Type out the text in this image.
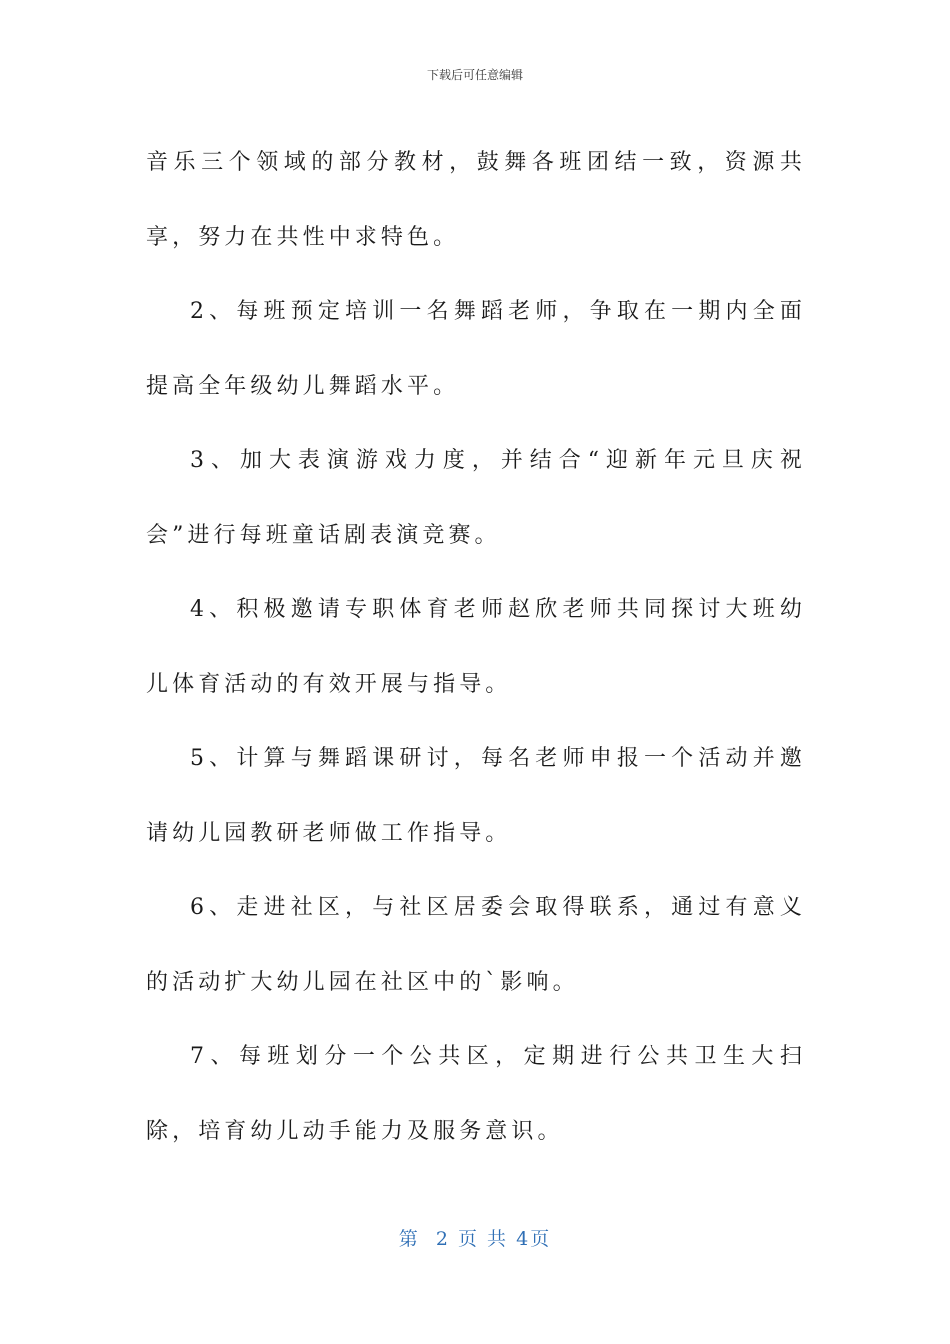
下载后可任意编辑

音乐三个领域的部分教材，鼓舞各班团结一致，资源共享，努力在共性中求特色。

2、每班预定培训一名舞蹈老师，争取在一期内全面提高全年级幼儿舞蹈水平。

3、加大表演游戏力度，并结合“迎新年元旦庆祝会”进行每班童话剧表演竞赛。

4、积极邀请专职体育老师赵欣老师共同探讨大班幼儿体育活动的有效开展与指导。

5、计算与舞蹈课研讨，每名老师申报一个活动并邀请幼儿园教研老师做工作指导。

6、走进社区，与社区居委会取得联系，通过有意义的活动扩大幼儿园在社区中的`影响。

7、每班划分一个公共区，定期进行公共卫生大扫除，培育幼儿动手能力及服务意识。

第 2 页 共 4页
